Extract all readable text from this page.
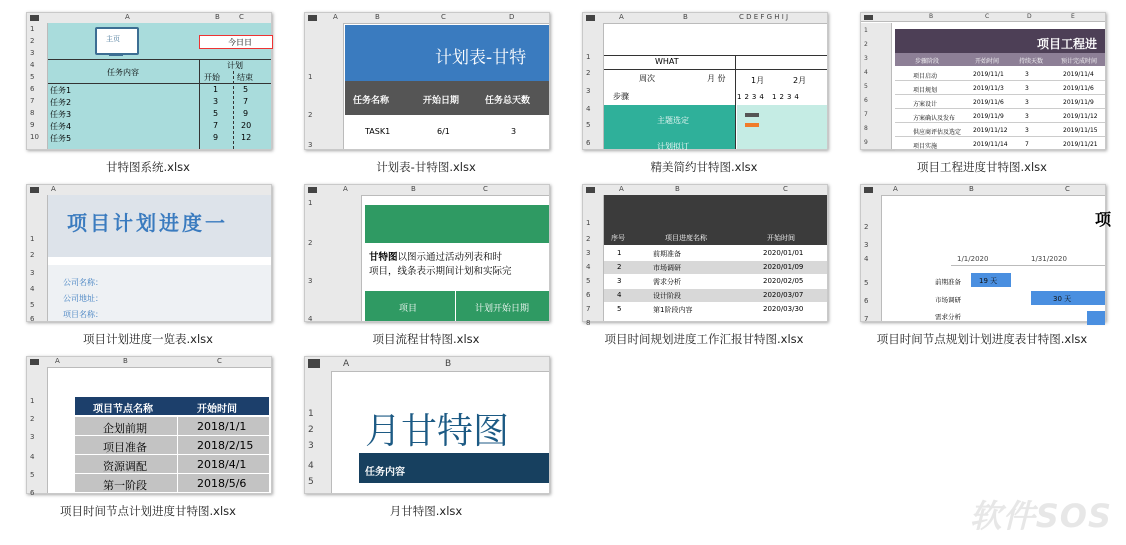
A	B	C
1
2
3
4
5
6
7
8
9
10
主页	今日日
任务内容
计划
开始 结束
任务1	1	5
任务2	3	7
任务3	5	9
任务4	7	20
任务5	9	12
甘特图系统.xlsx
A	B	C	D
1
2
3
计划表-甘特
任务名称	开始日期	任务总天数
TASK1	6/1	3
计划表-甘特图.xlsx
A	B	C D E F G H I J
1
2
3
4
5
6
WHAT
周次	月 份
步骤
1月	2月
1234 1234
主题选定
计划拟订
精美简约甘特图.xlsx
B	C	D	E
1
2
3
4
5
6
7
8
9
项目工程进
步骤阶段	开始时间	持续天数	预计完成时间
项目启动	2019/11/1	3	2019/11/4
项目规划	2019/11/3	3	2019/11/6
方案设计	2019/11/6	3	2019/11/9
方案确认及发布	2019/11/9	3	2019/11/12
供应商评估及选定 2019/11/12	3	2019/11/15
项目实施	2019/11/14	7	2019/11/21
项目工程进度甘特图.xlsx
A
1
2
3
4
5
6
项目计划进度一
公司名称：
公司地址：
项目名称：
项目计划进度一览表.xlsx
A	B	C
1
2
3
4
甘特图以图示通过活动列表和时
项目，线条表示期间计划和实际完
项目	计划开始日期
项目流程甘特图.xlsx
A	B	C
1
2
3
4
5
6
7
8
序号	项目进度名称	开始时间
1	前期准备	2020/01/01
2	市场调研	2020/01/09
3	需求分析	2020/02/05
4	设计阶段	2020/03/07
5	第1阶段内容	2020/03/30
项目时间规划进度工作汇报甘特图.xlsx
A	B	C
2
3
4
5
6
7
项
1/1/2020	1/31/2020
前期准备	19 天
市场调研	30 天
需求分析
项目时间节点规划计划进度表甘特图.xlsx
A	B	C
1
2
3
4
5
6
项目节点名称	开始时间
企划前期	2018/1/1
项目准备	2018/2/15
资源调配	2018/4/1
第一阶段	2018/5/6
项目时间节点计划进度甘特图.xlsx
A	B
1
2
3
4
5
月甘特图
任务内容
月甘特图.xlsx	软件SOS
